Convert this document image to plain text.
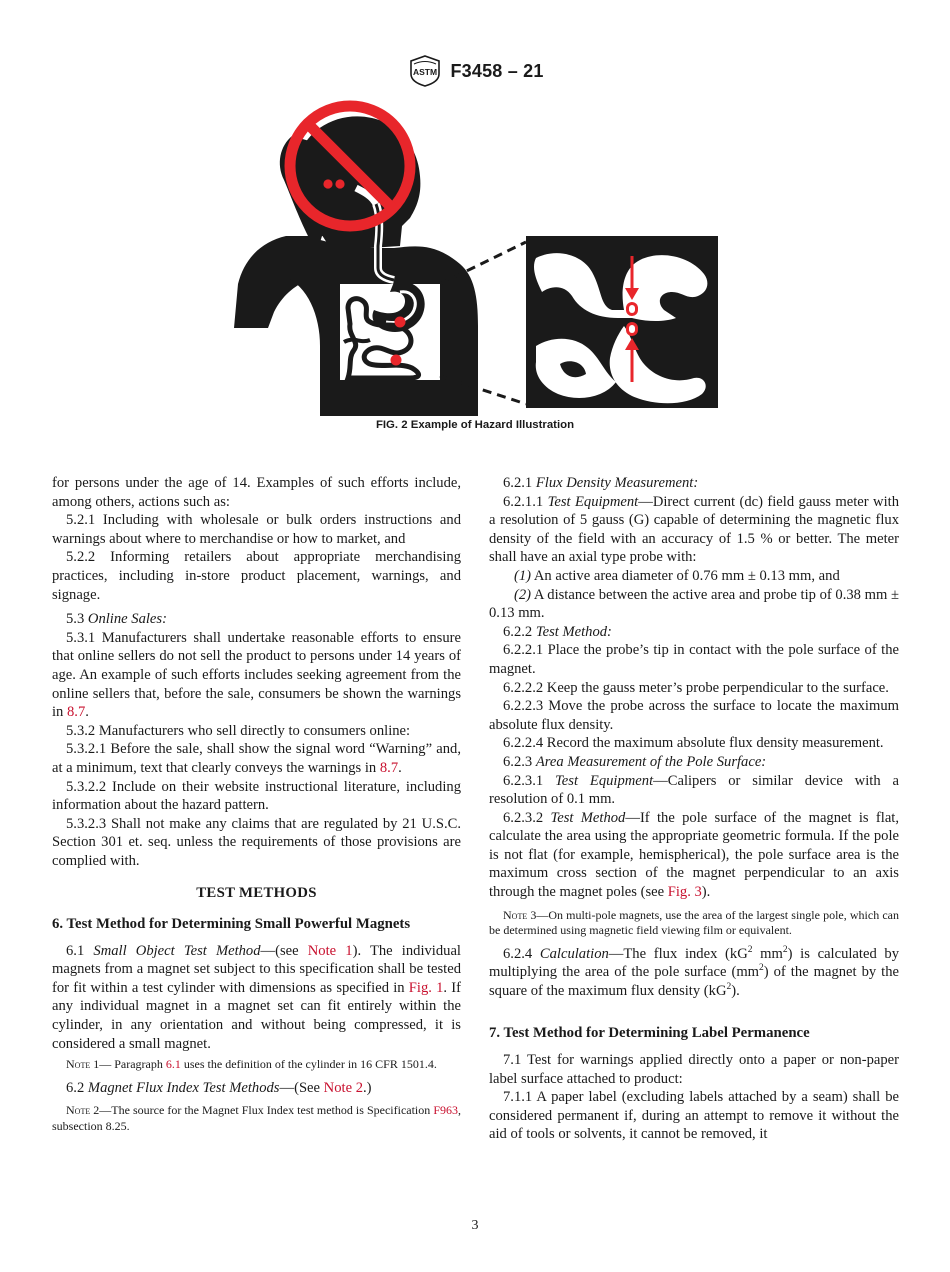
ASTM F3458 – 21
FIG. 2 Example of Hazard Illustration

for persons under the age of 14. Examples of such efforts include, among others, actions such as:

5.2.1 Including with wholesale or bulk orders instructions and warnings about where to merchandise or how to market, and

5.2.2 Informing retailers about appropriate merchandising practices, including in-store product placement, warnings, and signage.

5.3 Online Sales:

5.3.1 Manufacturers shall undertake reasonable efforts to ensure that online sellers do not sell the product to persons under 14 years of age. An example of such efforts includes seeking agreement from the online sellers that, before the sale, consumers be shown the warnings in 8.7.

5.3.2 Manufacturers who sell directly to consumers online:

5.3.2.1 Before the sale, shall show the signal word “Warning” and, at a minimum, text that clearly conveys the warnings in 8.7.

5.3.2.2 Include on their website instructional literature, including information about the hazard pattern.

5.3.2.3 Shall not make any claims that are regulated by 21 U.S.C. Section 301 et. seq. unless the requirements of those provisions are complied with.

TEST METHODS
6. Test Method for Determining Small Powerful Magnets

6.1 Small Object Test Method—(see Note 1). The individual magnets from a magnet set subject to this specification shall be tested for fit within a test cylinder with dimensions as specified in Fig. 1. If any individual magnet in a magnet set can fit entirely within the cylinder, in any orientation and without being compressed, it is considered a small magnet.

Note 1— Paragraph 6.1 uses the definition of the cylinder in 16 CFR 1501.4.

6.2 Magnet Flux Index Test Methods—(See Note 2.)

Note 2—The source for the Magnet Flux Index test method is Specification F963, subsection 8.25.

6.2.1 Flux Density Measurement:

6.2.1.1 Test Equipment—Direct current (dc) field gauss meter with a resolution of 5 gauss (G) capable of determining the magnetic flux density of the field with an accuracy of 1.5 % or better. The meter shall have an axial type probe with:

(1) An active area diameter of 0.76 mm ± 0.13 mm, and

(2) A distance between the active area and probe tip of 0.38 mm ± 0.13 mm.

6.2.2 Test Method:

6.2.2.1 Place the probe’s tip in contact with the pole surface of the magnet.

6.2.2.2 Keep the gauss meter’s probe perpendicular to the surface.

6.2.2.3 Move the probe across the surface to locate the maximum absolute flux density.

6.2.2.4 Record the maximum absolute flux density measurement.

6.2.3 Area Measurement of the Pole Surface:

6.2.3.1 Test Equipment—Calipers or similar device with a resolution of 0.1 mm.

6.2.3.2 Test Method—If the pole surface of the magnet is flat, calculate the area using the appropriate geometric formula. If the pole is not flat (for example, hemispherical), the pole surface area is the maximum cross section of the magnet perpendicular to an axis through the magnet poles (see Fig. 3).

Note 3—On multi-pole magnets, use the area of the largest single pole, which can be determined using magnetic field viewing film or equivalent.

6.2.4 Calculation—The flux index ($kG^2$ $mm^2$) is calculated by multiplying the area of the pole surface $(mm^2)$ of the magnet by the square of the maximum flux density $(kG^2)$.

7. Test Method for Determining Label Permanence

7.1 Test for warnings applied directly onto a paper or non-paper label surface attached to product:

7.1.1 A paper label (excluding labels attached by a seam) shall be considered permanent if, during an attempt to remove it without the aid of tools or solvents, it cannot be removed, it

3
